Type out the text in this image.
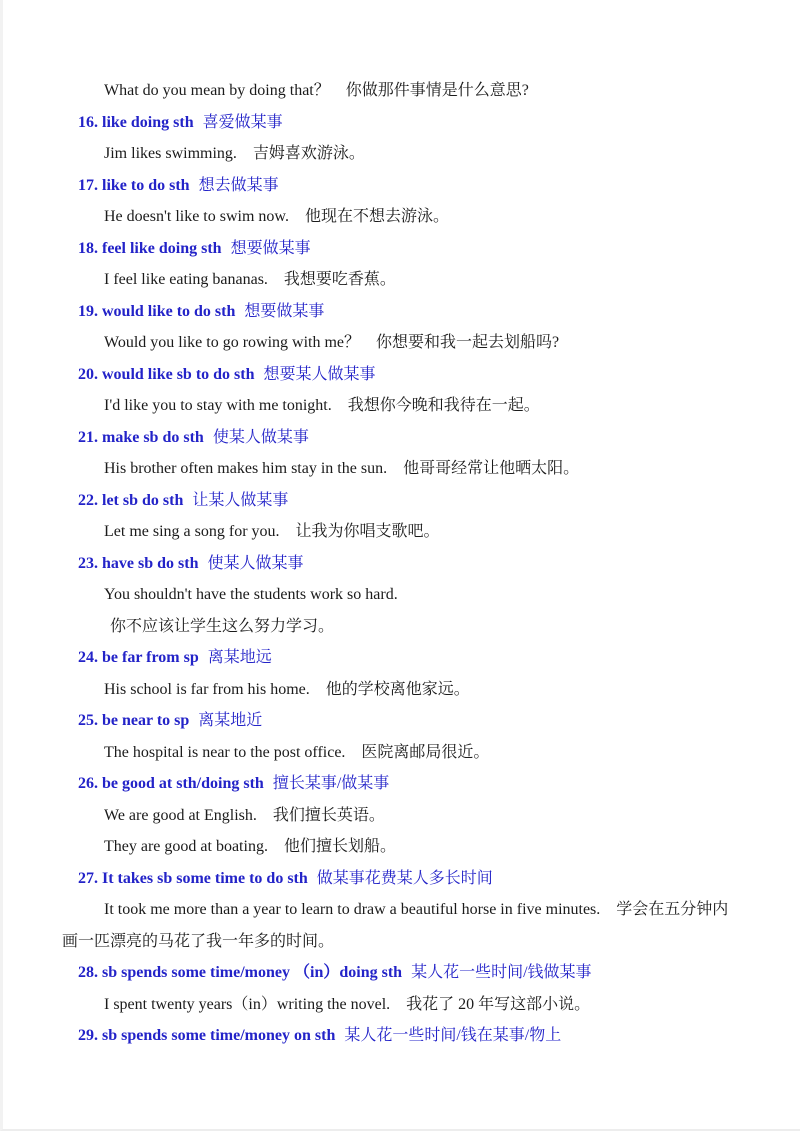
What do you mean by doing that？　你做那件事情是什么意思?

16. like doing sth 喜爱做某事

Jim likes swimming.　吉姆喜欢游泳。

17. like to do sth 想去做某事

He doesn't like to swim now.　他现在不想去游泳。

18. feel like doing sth 想要做某事

I feel like eating bananas.　我想要吃香蕉。

19. would like to do sth 想要做某事

Would you like to go rowing with me？　你想要和我一起去划船吗?

20. would like sb to do sth 想要某人做某事

I'd like you to stay with me tonight.　我想你今晚和我待在一起。

21. make sb do sth 使某人做某事

His brother often makes him stay in the sun.　他哥哥经常让他晒太阳。

22. let sb do sth 让某人做某事

Let me sing a song for you.　让我为你唱支歌吧。

23. have sb do sth 使某人做某事

You shouldn't have the students work so hard.

你不应该让学生这么努力学习。

24. be far from sp 离某地远

His school is far from his home.　他的学校离他家远。

25. be near to sp 离某地近

The hospital is near to the post office.　医院离邮局很近。

26. be good at sth/doing sth 擅长某事/做某事

We are good at English.　我们擅长英语。

They are good at boating.　他们擅长划船。

27. It takes sb some time to do sth 做某事花费某人多长时间

It took me more than a year to learn to draw a beautiful horse in five minutes.　学会在五分钟内画一匹漂亮的马花了我一年多的时间。

28. sb spends some time/money （in）doing sth 某人花一些时间/钱做某事

I spent twenty years（in）writing the novel.　我花了 20 年写这部小说。

29. sb spends some time/money on sth 某人花一些时间/钱在某事/物上
